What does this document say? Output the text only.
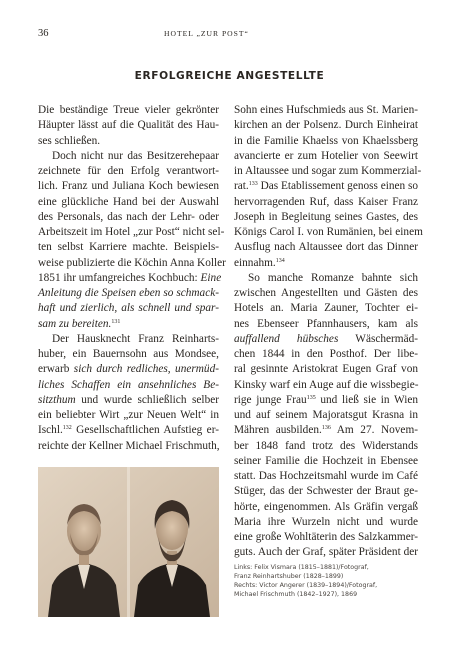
36	HOTEL „ZUR POST“
ERFOLGREICHE ANGESTELLTE
Die beständige Treue vieler gekrönter
Häupter lässt auf die Qualität des Hau-
ses schließen.
Doch nicht nur das Besitzerehepaar
zeichnete für den Erfolg verantwort-
lich. Franz und Juliana Koch bewiesen
eine glückliche Hand bei der Auswahl
des Personals, das nach der Lehr- oder
Arbeitszeit im Hotel „zur Post“ nicht sel-
ten selbst Karriere machte. Beispiels-
weise publizierte die Köchin Anna Koller
1851 ihr umfangreiches Kochbuch: Eine
Anleitung die Speisen eben so schmack-
haft und zierlich, als schnell und spar-
sam zu bereiten.$^{131}$
Der Hausknecht Franz Reinharts-
huber, ein Bauernsohn aus Mondsee,
erwarb sich durch redliches, unermüd-
liches Schaffen ein ansehnliches Be-
sitzthum und wurde schließlich selber
ein beliebter Wirt „zur Neuen Welt“ in
Ischl.$^{132}$ Gesellschaftlichen Aufstieg er-
reichte der Kellner Michael Frischmuth,
Sohn eines Hufschmieds aus St. Marien-
kirchen an der Polsenz. Durch Einheirat
in die Familie Khaelss von Khaelssberg
avancierte er zum Hotelier von Seewirt
in Altaussee und sogar zum Kommerzial-
rat.$^{133}$ Das Etablissement genoss einen so
hervorragenden Ruf, dass Kaiser Franz
Joseph in Begleitung seines Gastes, des
Königs Carol I. von Rumänien, bei einem
Ausflug nach Altaussee dort das Dinner
einnahm.$^{134}$
So manche Romanze bahnte sich
zwischen Angestellten und Gästen des
Hotels an. Maria Zauner, Tochter ei-
nes Ebenseer Pfannhausers, kam als
auffallend hübsches Wäschermäd-
chen 1844 in den Posthof. Der libe-
ral gesinnte Aristokrat Eugen Graf von
Kinsky warf ein Auge auf die wissbegie-
rige junge Frau$^{135}$ und ließ sie in Wien
und auf seinem Majoratsgut Krasna in
Mähren ausbilden.$^{136}$ Am 27. Novem-
ber 1848 fand trotz des Widerstands
seiner Familie die Hochzeit in Ebensee
statt. Das Hochzeitsmahl wurde im Café
Stüger, das der Schwester der Braut ge-
hörte, eingenommen. Als Gräfin vergaß
Maria ihre Wurzeln nicht und wurde
eine große Wohltäterin des Salzkammer-
guts. Auch der Graf, später Präsident der
Links: Felix Vismara (1815–1881)/Fotograf,
Franz Reinhartshuber (1828–1899)
Rechts: Victor Angerer (1839–1894)/Fotograf,
Michael Frischmuth (1842–1927), 1869
